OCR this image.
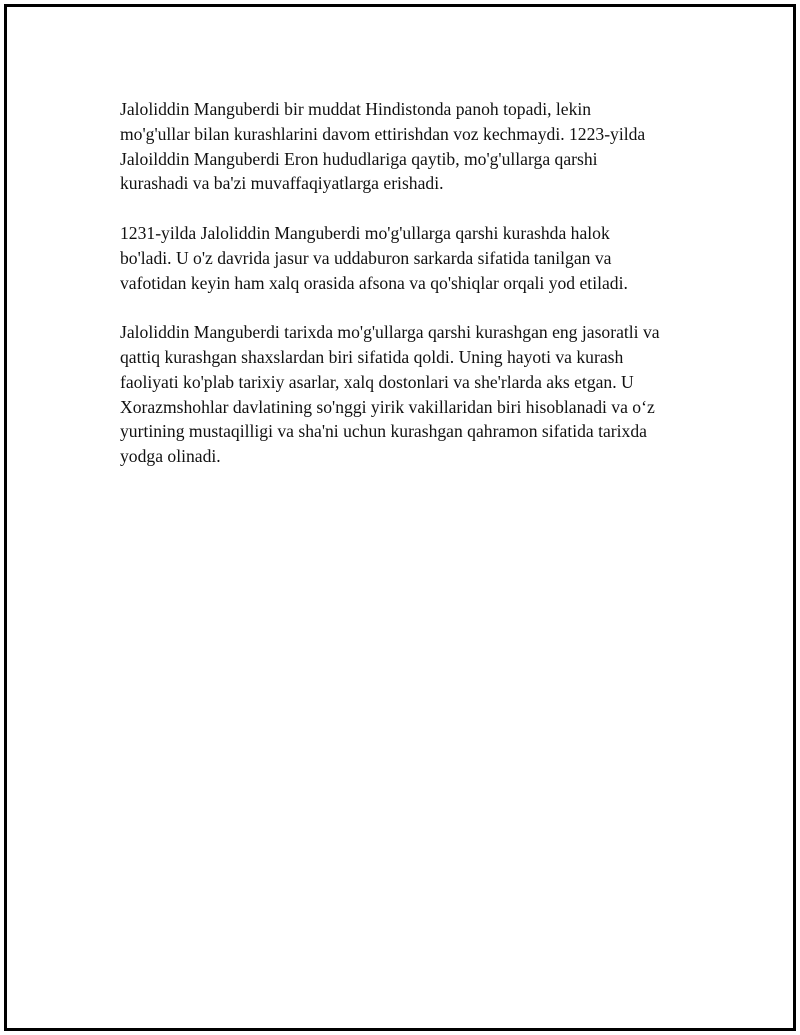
Jaloliddin Manguberdi bir muddat Hindistonda panoh topadi, lekin
mo'g'ullar bilan kurashlarini davom ettirishdan voz kechmaydi. 1223-yilda
Jaloilddin Manguberdi Eron hududlariga qaytib, mo'g'ullarga qarshi
kurashadi va ba'zi muvaffaqiyatlarga erishadi.

1231-yilda Jaloliddin Manguberdi mo'g'ullarga qarshi kurashda halok
bo'ladi. U o'z davrida jasur va uddaburon sarkarda sifatida tanilgan va
vafotidan keyin ham xalq orasida afsona va qo'shiqlar orqali yod etiladi.

Jaloliddin Manguberdi tarixda mo'g'ullarga qarshi kurashgan eng jasoratli va
qattiq kurashgan shaxslardan biri sifatida qoldi. Uning hayoti va kurash
faoliyati ko'plab tarixiy asarlar, xalq dostonlari va she'rlarda aks etgan. U
Xorazmshohlar davlatining so'nggi yirik vakillaridan biri hisoblanadi va o‘z
yurtining mustaqilligi va sha'ni uchun kurashgan qahramon sifatida tarixda
yodga olinadi.
